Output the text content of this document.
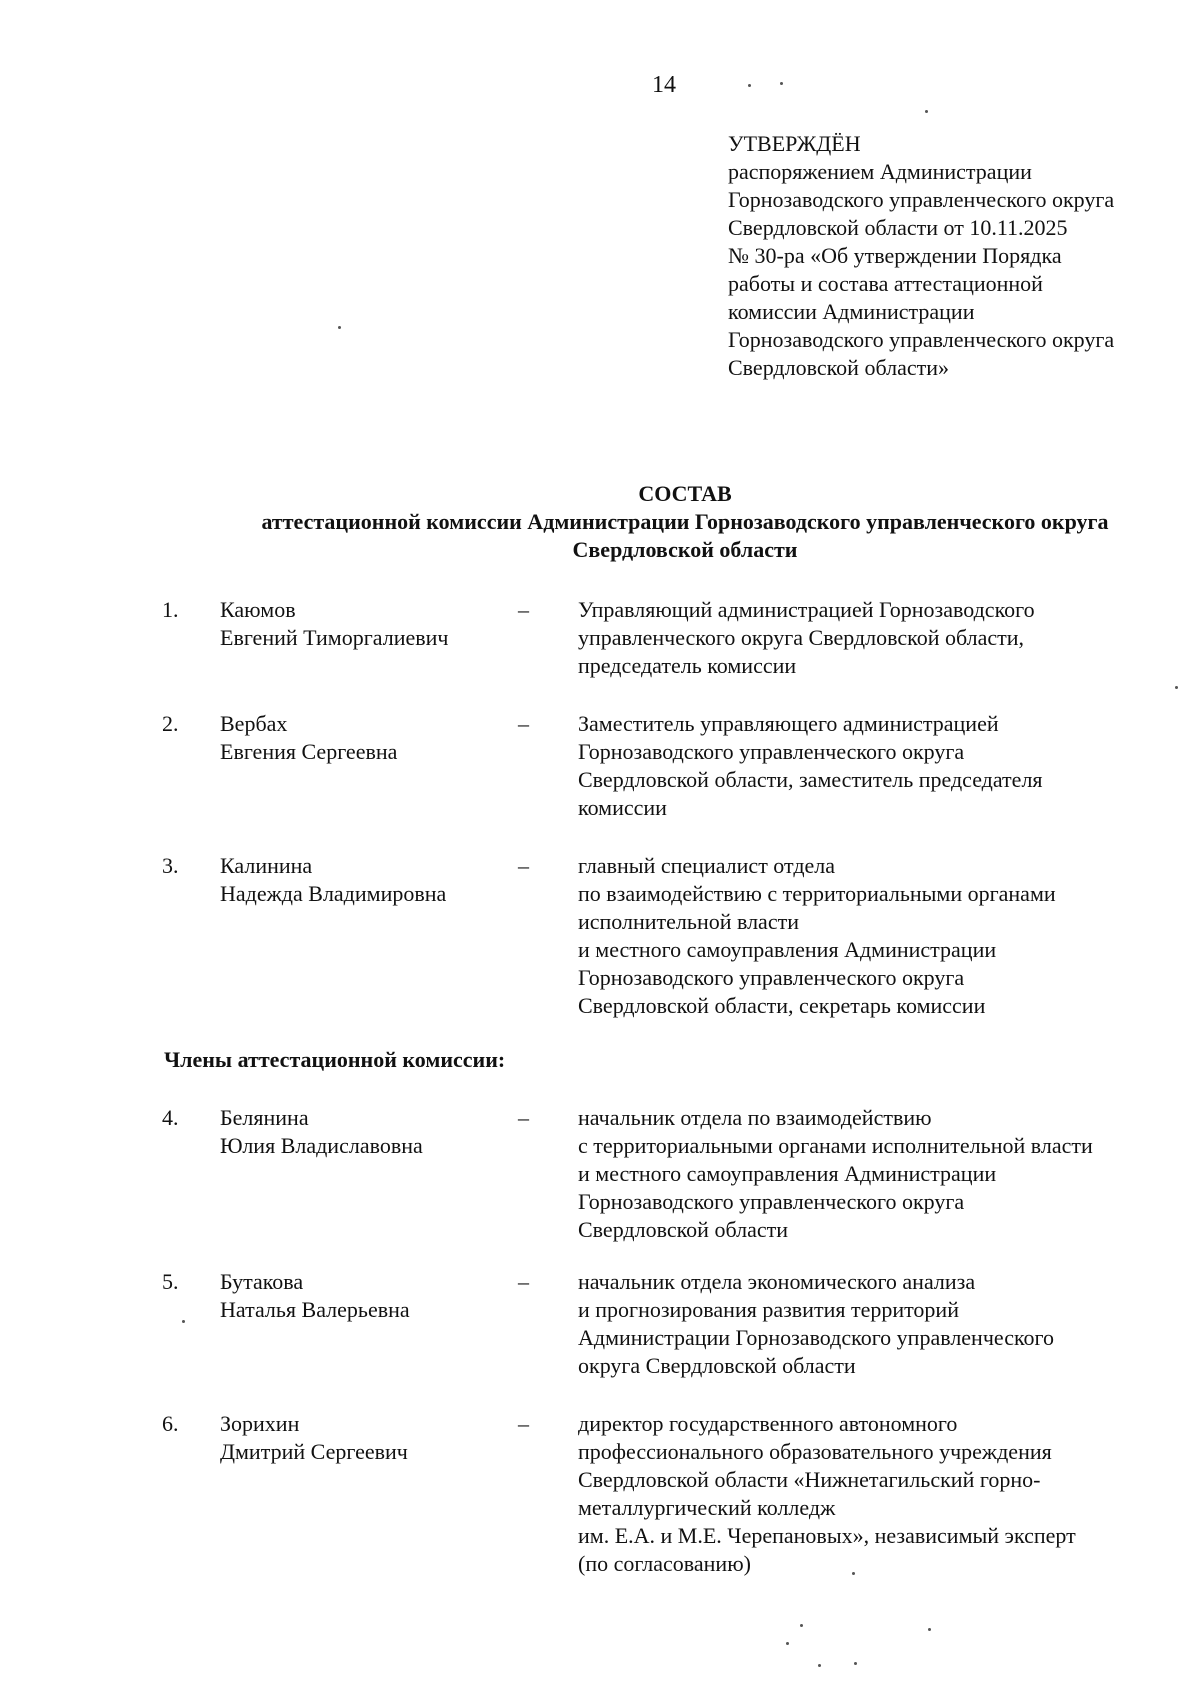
14
УТВЕРЖДЁН
распоряжением Администрации
Горнозаводского управленческого округа
Свердловской области от 10.11.2025
№ 30-ра «Об утверждении Порядка
работы и состава аттестационной
комиссии Администрации
Горнозаводского управленческого округа
Свердловской области»
СОСТАВ
аттестационной комиссии Администрации Горнозаводского управленческого округа
Свердловской области
1. Каюмов
Евгений Тиморгалиевич
– Управляющий администрацией Горнозаводского
управленческого округа Свердловской области,
председатель комиссии
2. Вербах
Евгения Сергеевна
– Заместитель управляющего администрацией
Горнозаводского управленческого округа
Свердловской области, заместитель председателя
комиссии
3. Калинина
Надежда Владимировна
– главный специалист отдела
по взаимодействию с территориальными органами
исполнительной власти
и местного самоуправления Администрации
Горнозаводского управленческого округа
Свердловской области, секретарь комиссии
Члены аттестационной комиссии:
4. Белянина
Юлия Владиславовна
– начальник отдела по взаимодействию
с территориальными органами исполнительной власти
и местного самоуправления Администрации
Горнозаводского управленческого округа
Свердловской области
5. Бутакова
Наталья Валерьевна
– начальник отдела экономического анализа
и прогнозирования развития территорий
Администрации Горнозаводского управленческого
округа Свердловской области
6. Зорихин
Дмитрий Сергеевич
– директор государственного автономного
профессионального образовательного учреждения
Свердловской области «Нижнетагильский горно-
металлургический колледж
им. Е.А. и М.Е. Черепановых», независимый эксперт
(по согласованию)
